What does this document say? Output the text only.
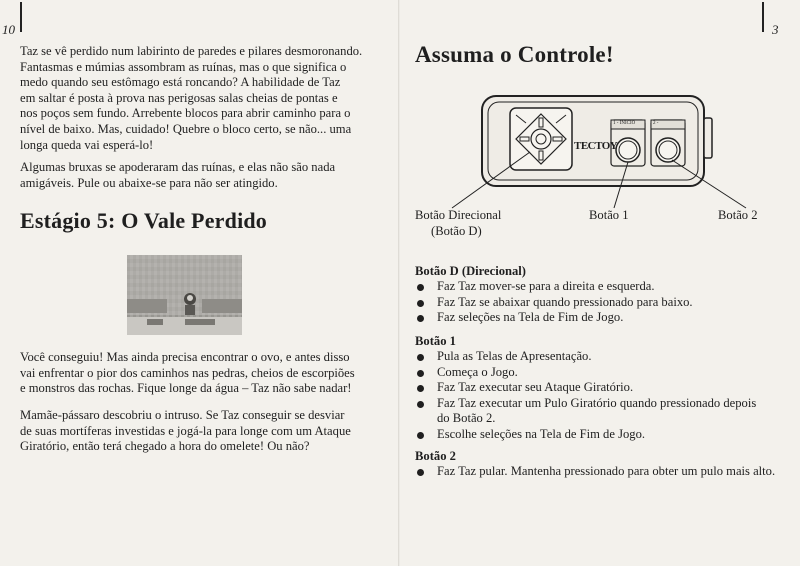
10

Taz se vê perdido num labirinto de paredes e pilares desmoronando.

Fantasmas e múmias assombram as ruínas, mas o que significa o

medo quando seu estômago está roncando? A habilidade de Taz

em saltar é posta à prova nas perigosas salas cheias de pontas e

nos poços sem fundo. Arrebente blocos para abrir caminho para o

nível de baixo. Mas, cuidado! Quebre o bloco certo, se não... uma

longa queda vai esperá-lo!

Algumas bruxas se apoderaram das ruínas, e elas não são nada

amigáveis. Pule ou abaixe-se para não ser atingido.

Estágio 5: O Vale Perdido

Você conseguiu! Mas ainda precisa encontrar o ovo, e antes disso

vai enfrentar o pior dos caminhos nas pedras, cheios de escorpiões

e monstros das rochas. Fique longe da água – Taz não sabe nadar!

Mamãe-pássaro descobriu o intruso. Se Taz conseguir se desviar

de suas mortíferas investidas e jogá-la para longe com um Ataque

Giratório, então terá chegado a hora do omelete! Ou não?

3
Assuma o Controle!
TECTOY
1 - INICIO	2 -
Botão Direcional
(Botão D)
Botão 1	Botão 2
Botão D (Direcional)
Faz Taz mover-se para a direita e esquerda.
Faz Taz se abaixar quando pressionado para baixo.
Faz seleções na Tela de Fim de Jogo.
Botão 1
Pula as Telas de Apresentação.
Começa o Jogo.
Faz Taz executar seu Ataque Giratório.
Faz Taz executar um Pulo Giratório quando pressionado depois do Botão 2.
Escolhe seleções na Tela de Fim de Jogo.
Botão 2
Faz Taz pular. Mantenha pressionado para obter um pulo mais alto.
